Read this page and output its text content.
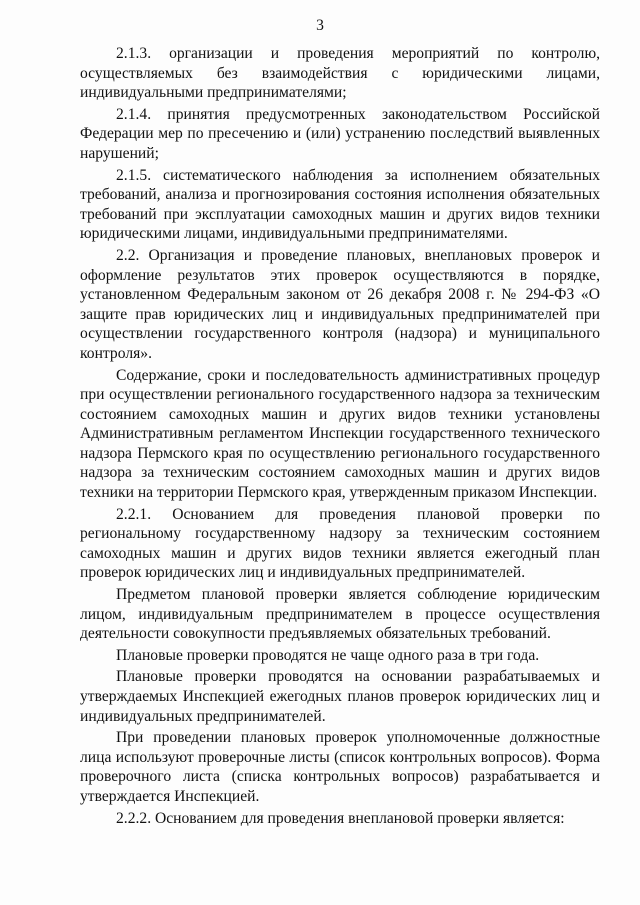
3

2.1.3. организации и проведения мероприятий по контролю, осуществляемых без взаимодействия с юридическими лицами, индивидуальными предпринимателями;

2.1.4. принятия предусмотренных законодательством Российской Федерации мер по пресечению и (или) устранению последствий выявленных нарушений;

2.1.5. систематического наблюдения за исполнением обязательных требований, анализа и прогнозирования состояния исполнения обязательных требований при эксплуатации самоходных машин и других видов техники юридическими лицами, индивидуальными предпринимателями.

2.2. Организация и проведение плановых, внеплановых проверок и оформление результатов этих проверок осуществляются в порядке, установленном Федеральным законом от 26 декабря 2008 г. № 294-ФЗ «О защите прав юридических лиц и индивидуальных предпринимателей при осуществлении государственного контроля (надзора) и муниципального контроля».

Содержание, сроки и последовательность административных процедур при осуществлении регионального государственного надзора за техническим состоянием самоходных машин и других видов техники установлены Административным регламентом Инспекции государственного технического надзора Пермского края по осуществлению регионального государственного надзора за техническим состоянием самоходных машин и других видов техники на территории Пермского края, утвержденным приказом Инспекции.

2.2.1. Основанием для проведения плановой проверки по региональному государственному надзору за техническим состоянием самоходных машин и других видов техники является ежегодный план проверок юридических лиц и индивидуальных предпринимателей.

Предметом плановой проверки является соблюдение юридическим лицом, индивидуальным предпринимателем в процессе осуществления деятельности совокупности предъявляемых обязательных требований.

Плановые проверки проводятся не чаще одного раза в три года.

Плановые проверки проводятся на основании разрабатываемых и утверждаемых Инспекцией ежегодных планов проверок юридических лиц и индивидуальных предпринимателей.

При проведении плановых проверок уполномоченные должностные лица используют проверочные листы (список контрольных вопросов). Форма проверочного листа (списка контрольных вопросов) разрабатывается и утверждается Инспекцией.

2.2.2. Основанием для проведения внеплановой проверки является:
